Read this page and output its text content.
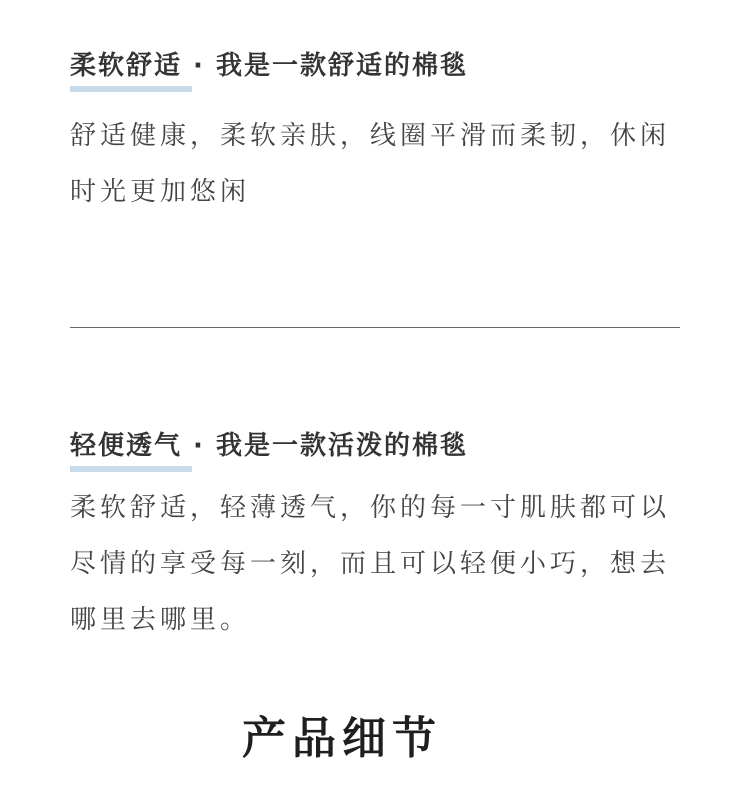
柔软舒适 · 我是一款舒适的棉毯

舒适健康，柔软亲肤，线圈平滑而柔韧，休闲时光更加悠闲

轻便透气 · 我是一款活泼的棉毯

柔软舒适，轻薄透气，你的每一寸肌肤都可以尽情的享受每一刻，而且可以轻便小巧，想去哪里去哪里。

产品细节
